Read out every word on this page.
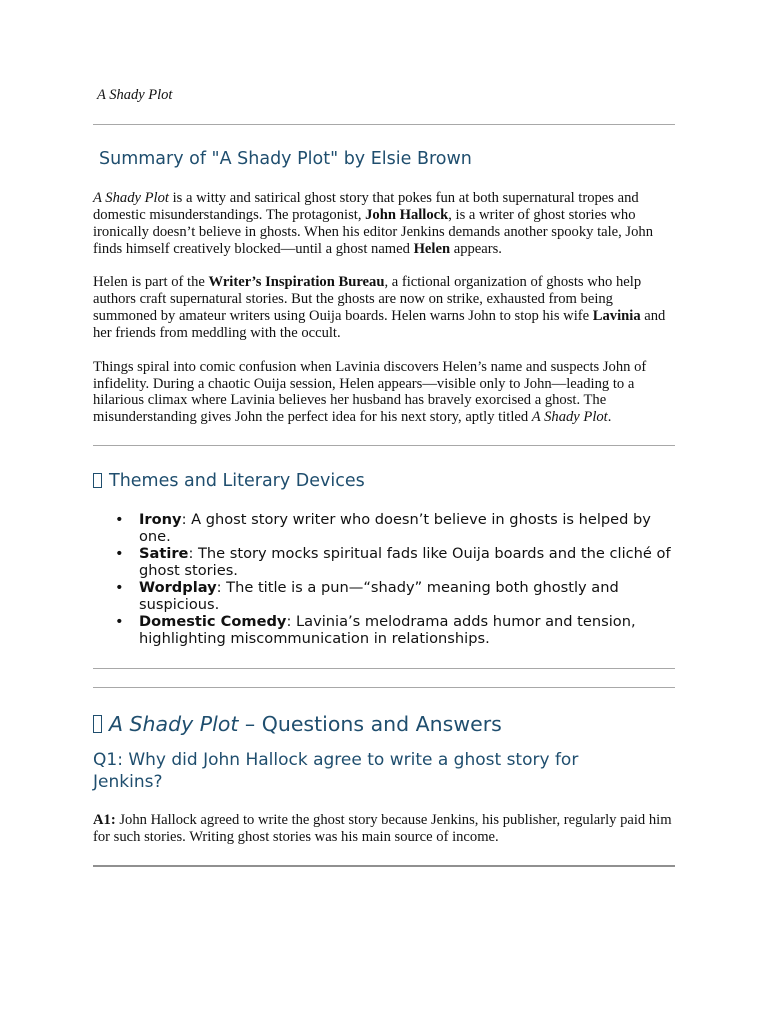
A Shady Plot
Summary of "A Shady Plot" by Elsie Brown

A Shady Plot is a witty and satirical ghost story that pokes fun at both supernatural tropes and domestic misunderstandings. The protagonist, John Hallock, is a writer of ghost stories who ironically doesn’t believe in ghosts. When his editor Jenkins demands another spooky tale, John finds himself creatively blocked—until a ghost named Helen appears.

Helen is part of the Writer’s Inspiration Bureau, a fictional organization of ghosts who help authors craft supernatural stories. But the ghosts are now on strike, exhausted from being summoned by amateur writers using Ouija boards. Helen warns John to stop his wife Lavinia and her friends from meddling with the occult.

Things spiral into comic confusion when Lavinia discovers Helen’s name and suspects John of infidelity. During a chaotic Ouija session, Helen appears—visible only to John—leading to a hilarious climax where Lavinia believes her husband has bravely exorcised a ghost. The misunderstanding gives John the perfect idea for his next story, aptly titled A Shady Plot.

Themes and Literary Devices
• Irony: A ghost story writer who doesn’t believe in ghosts is helped by one.
• Satire: The story mocks spiritual fads like Ouija boards and the cliché of ghost stories.
• Wordplay: The title is a pun—“shady” meaning both ghostly and suspicious.
• Domestic Comedy: Lavinia’s melodrama adds humor and tension, highlighting miscommunication in relationships.
A Shady Plot – Questions and Answers
Q1: Why did John Hallock agree to write a ghost story for Jenkins?
A1: John Hallock agreed to write the ghost story because Jenkins, his publisher, regularly paid him for such stories. Writing ghost stories was his main source of income.
